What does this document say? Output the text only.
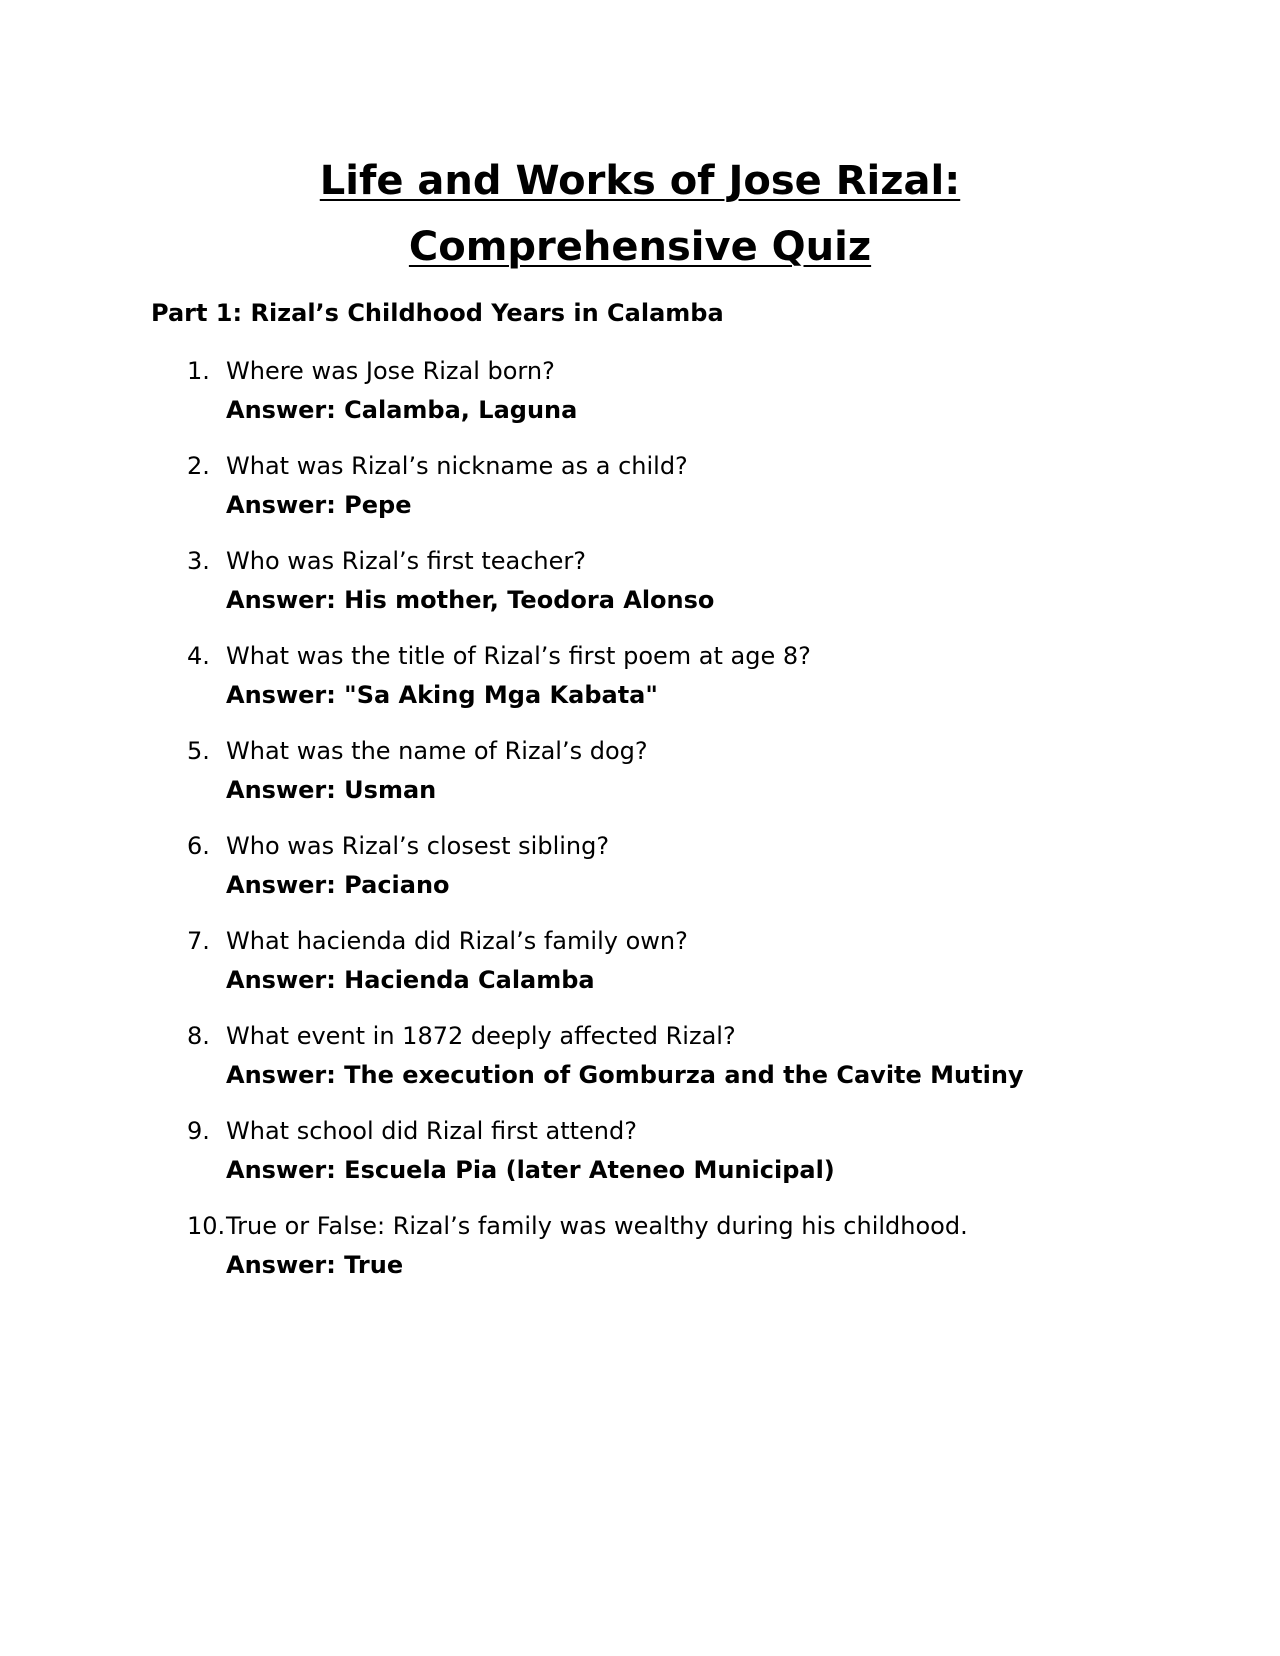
Life and Works of Jose Rizal: Comprehensive Quiz
Part 1: Rizal’s Childhood Years in Calamba
1. Where was Jose Rizal born?
Answer: Calamba, Laguna
2. What was Rizal’s nickname as a child?
Answer: Pepe
3. Who was Rizal’s first teacher?
Answer: His mother, Teodora Alonso
4. What was the title of Rizal’s first poem at age 8?
Answer: "Sa Aking Mga Kabata"
5. What was the name of Rizal’s dog?
Answer: Usman
6. Who was Rizal’s closest sibling?
Answer: Paciano
7. What hacienda did Rizal’s family own?
Answer: Hacienda Calamba
8. What event in 1872 deeply affected Rizal?
Answer: The execution of Gomburza and the Cavite Mutiny
9. What school did Rizal first attend?
Answer: Escuela Pia (later Ateneo Municipal)
10. True or False: Rizal’s family was wealthy during his childhood.
Answer: True
